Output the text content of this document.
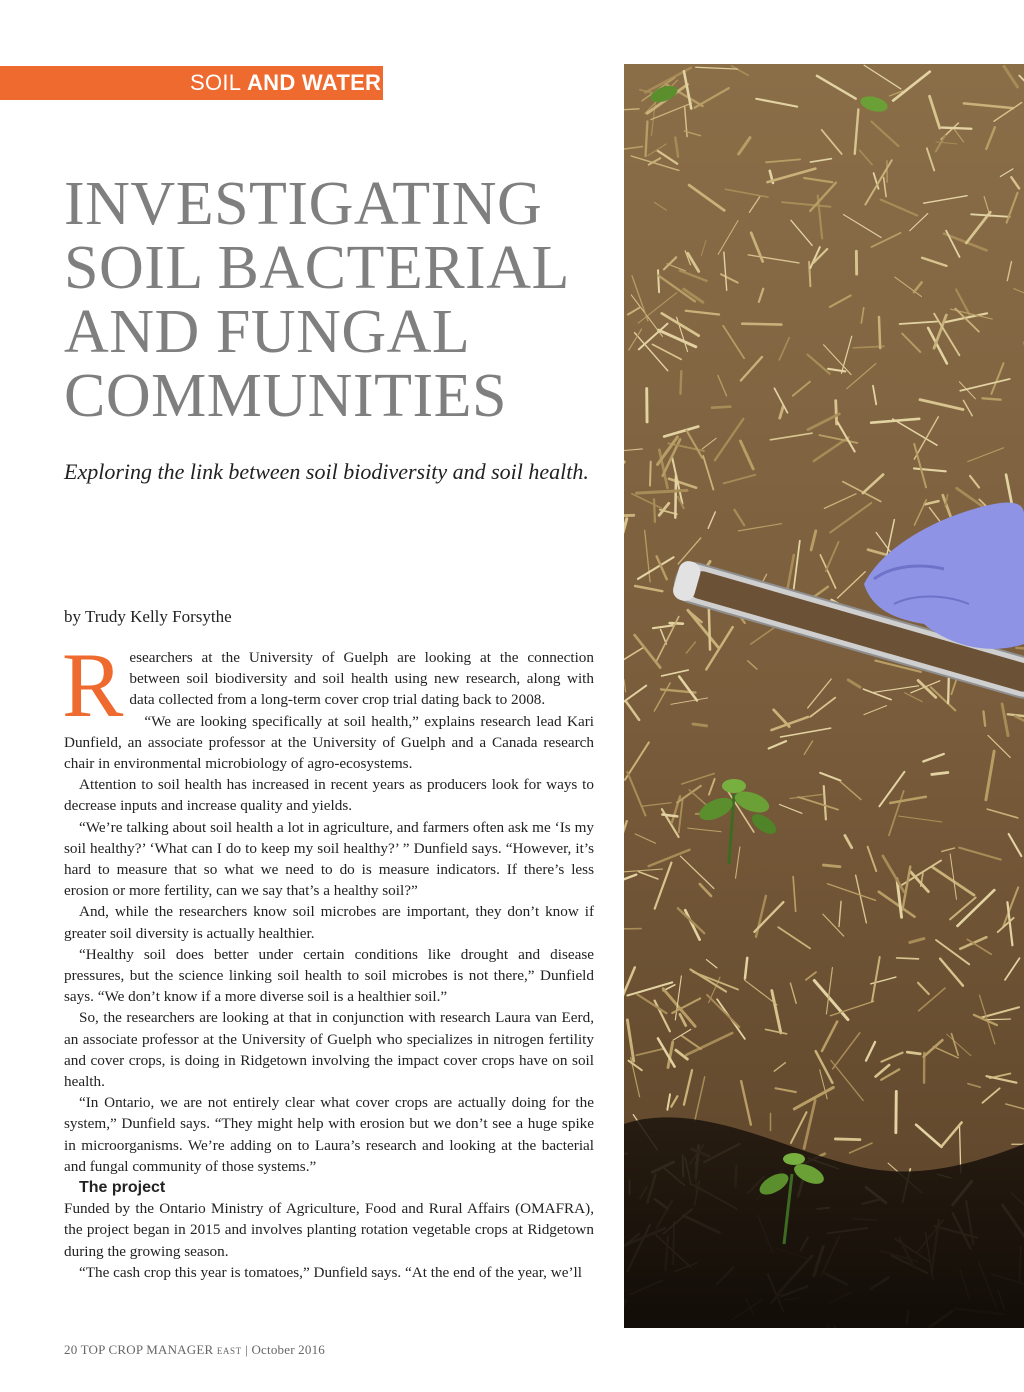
SOIL AND WATER
INVESTIGATING
SOIL BACTERIAL
AND FUNGAL
COMMUNITIES

Exploring the link between soil biodiversity and soil health.

by Trudy Kelly Forsythe

Researchers at the University of Guelph are looking at the connection between soil biodiversity and soil health using new research, along with data collected from a long-term cover crop trial dating back to 2008.

“We are looking specifically at soil health,” explains research lead Kari Dunfield, an associate professor at the University of Guelph and a Canada research chair in environmental microbiology of agro-ecosystems.

Attention to soil health has increased in recent years as producers look for ways to decrease inputs and increase quality and yields.

“We’re talking about soil health a lot in agriculture, and farmers often ask me ‘Is my soil healthy?’ ‘What can I do to keep my soil healthy?’ ” Dunfield says. “However, it’s hard to measure that so what we need to do is measure indicators. If there’s less erosion or more fertility, can we say that’s a healthy soil?”

And, while the researchers know soil microbes are important, they don’t know if greater soil diversity is actually healthier.

“Healthy soil does better under certain conditions like drought and disease pressures, but the science linking soil health to soil microbes is not there,” Dunfield says. “We don’t know if a more diverse soil is a healthier soil.”

So, the researchers are looking at that in conjunction with research Laura van Eerd, an associate professor at the University of Guelph who specializes in nitrogen fertility and cover crops, is doing in Ridgetown involving the impact cover crops have on soil health.

“In Ontario, we are not entirely clear what cover crops are actually doing for the system,” Dunfield says. “They might help with erosion but we don’t see a huge spike in microorganisms. We’re adding on to Laura’s research and looking at the bacterial and fungal community of those systems.”

The project

Funded by the Ontario Ministry of Agriculture, Food and Rural Affairs (OMAFRA), the project began in 2015 and involves planting rotation vegetable crops at Ridgetown during the growing season.

“The cash crop this year is tomatoes,” Dunfield says. “At the end of the year, we’ll

20 TOP CROP MANAGER EAST | October 2016
